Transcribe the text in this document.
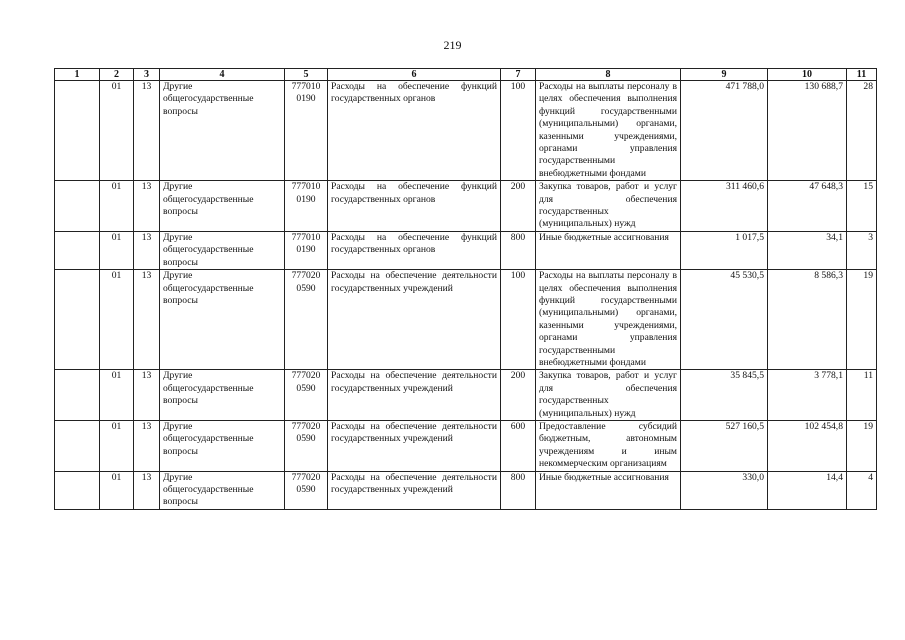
219
1	2	3	4	5	6	7	8	9	10	11
	01	13	Другие общегосударственные вопросы	777010 0190	Расходы на обеспечение функций государственных органов	100	Расходы на выплаты персоналу в целях обеспечения выполнения функций государственными (муниципальными) органами, казенными учреждениями, органами управления государственными внебюджетными фондами	471 788,0	130 688,7	28
	01	13	Другие общегосударственные вопросы	777010 0190	Расходы на обеспечение функций государственных органов	200	Закупка товаров, работ и услуг для обеспечения государственных (муниципальных) нужд	311 460,6	47 648,3	15
	01	13	Другие общегосударственные вопросы	777010 0190	Расходы на обеспечение функций государственных органов	800	Иные бюджетные ассигнования	1 017,5	34,1	3
	01	13	Другие общегосударственные вопросы	777020 0590	Расходы на обеспечение деятельности государственных учреждений	100	Расходы на выплаты персоналу в целях обеспечения выполнения функций государственными (муниципальными) органами, казенными учреждениями, органами управления государственными внебюджетными фондами	45 530,5	8 586,3	19
	01	13	Другие общегосударственные вопросы	777020 0590	Расходы на обеспечение деятельности государственных учреждений	200	Закупка товаров, работ и услуг для обеспечения государственных (муниципальных) нужд	35 845,5	3 778,1	11
	01	13	Другие общегосударственные вопросы	777020 0590	Расходы на обеспечение деятельности государственных учреждений	600	Предоставление субсидий бюджетным, автономным учреждениям и иным некоммерческим организациям	527 160,5	102 454,8	19
	01	13	Другие общегосударственные вопросы	777020 0590	Расходы на обеспечение деятельности государственных учреждений	800	Иные бюджетные ассигнования	330,0	14,4	4
